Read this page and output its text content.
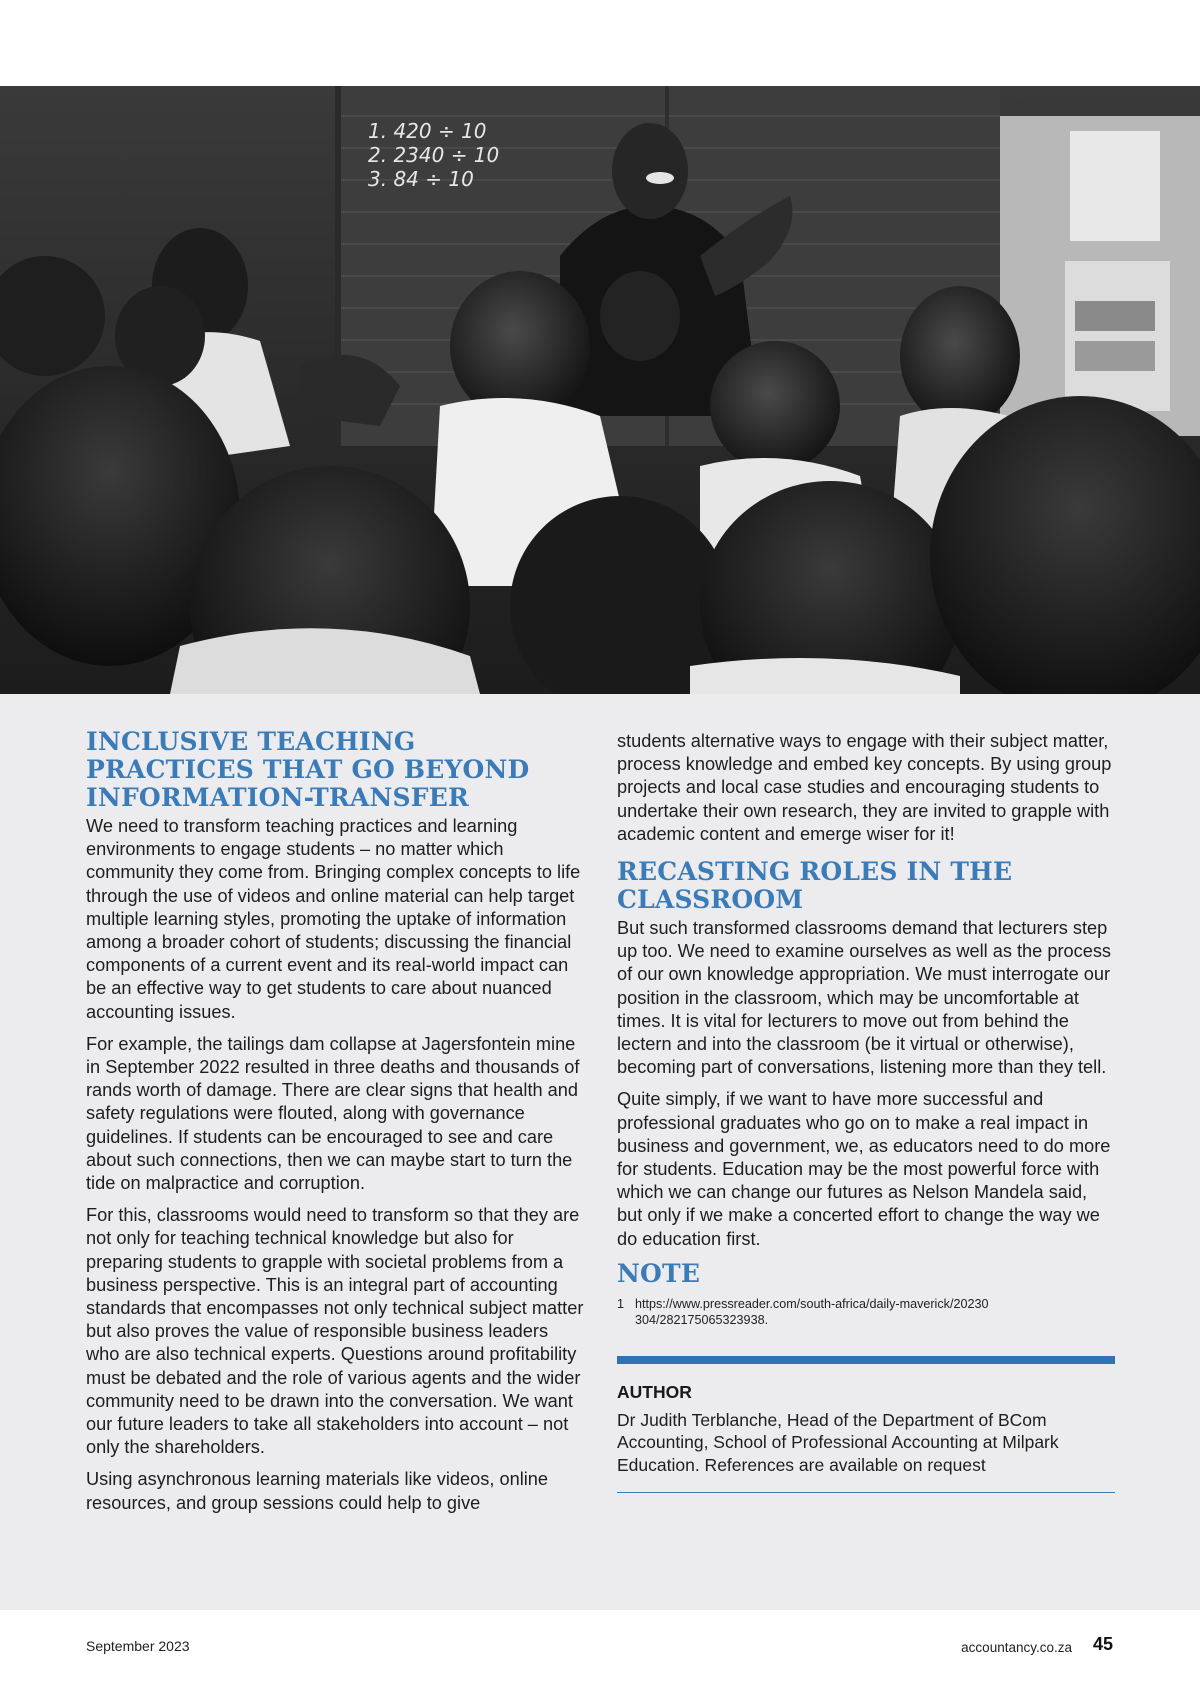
1. 420 ÷ 10
2. 2340 ÷ 10
3. 84 ÷ 10
INCLUSIVE TEACHING PRACTICES THAT GO BEYOND INFORMATION-TRANSFER

We need to transform teaching practices and learning environments to engage students – no matter which community they come from. Bringing complex concepts to life through the use of videos and online material can help target multiple learning styles, promoting the uptake of information among a broader cohort of students; discussing the financial components of a current event and its real-world impact can be an effective way to get students to care about nuanced accounting issues.

For example, the tailings dam collapse at Jagersfontein mine in September 2022 resulted in three deaths and thousands of rands worth of damage. There are clear signs that health and safety regulations were flouted, along with governance guidelines. If students can be encouraged to see and care about such connections, then we can maybe start to turn the tide on malpractice and corruption.

For this, classrooms would need to transform so that they are not only for teaching technical knowledge but also for preparing students to grapple with societal problems from a business perspective. This is an integral part of accounting standards that encompasses not only technical subject matter but also proves the value of responsible business leaders who are also technical experts. Questions around profitability must be debated and the role of various agents and the wider community need to be drawn into the conversation. We want our future leaders to take all stakeholders into account – not only the shareholders.

Using asynchronous learning materials like videos, online resources, and group sessions could help to give

students alternative ways to engage with their subject matter, process knowledge and embed key concepts. By using group projects and local case studies and encouraging students to undertake their own research, they are invited to grapple with academic content and emerge wiser for it!

RECASTING ROLES IN THE CLASSROOM

But such transformed classrooms demand that lecturers step up too. We need to examine ourselves as well as the process of our own knowledge appropriation. We must interrogate our position in the classroom, which may be uncomfortable at times. It is vital for lecturers to move out from behind the lectern and into the classroom (be it virtual or otherwise), becoming part of conversations, listening more than they tell.

Quite simply, if we want to have more successful and professional graduates who go on to make a real impact in business and government, we, as educators need to do more for students. Education may be the most powerful force with which we can change our futures as Nelson Mandela said, but only if we make a concerted effort to change the way we do education first.

NOTE
1 https://www.pressreader.com/south-africa/daily-maverick/20230304/282175065323938.

AUTHOR

Dr Judith Terblanche, Head of the Department of BCom Accounting, School of Professional Accounting at Milpark Education. References are available on request

September 2023	accountancy.co.za 45
